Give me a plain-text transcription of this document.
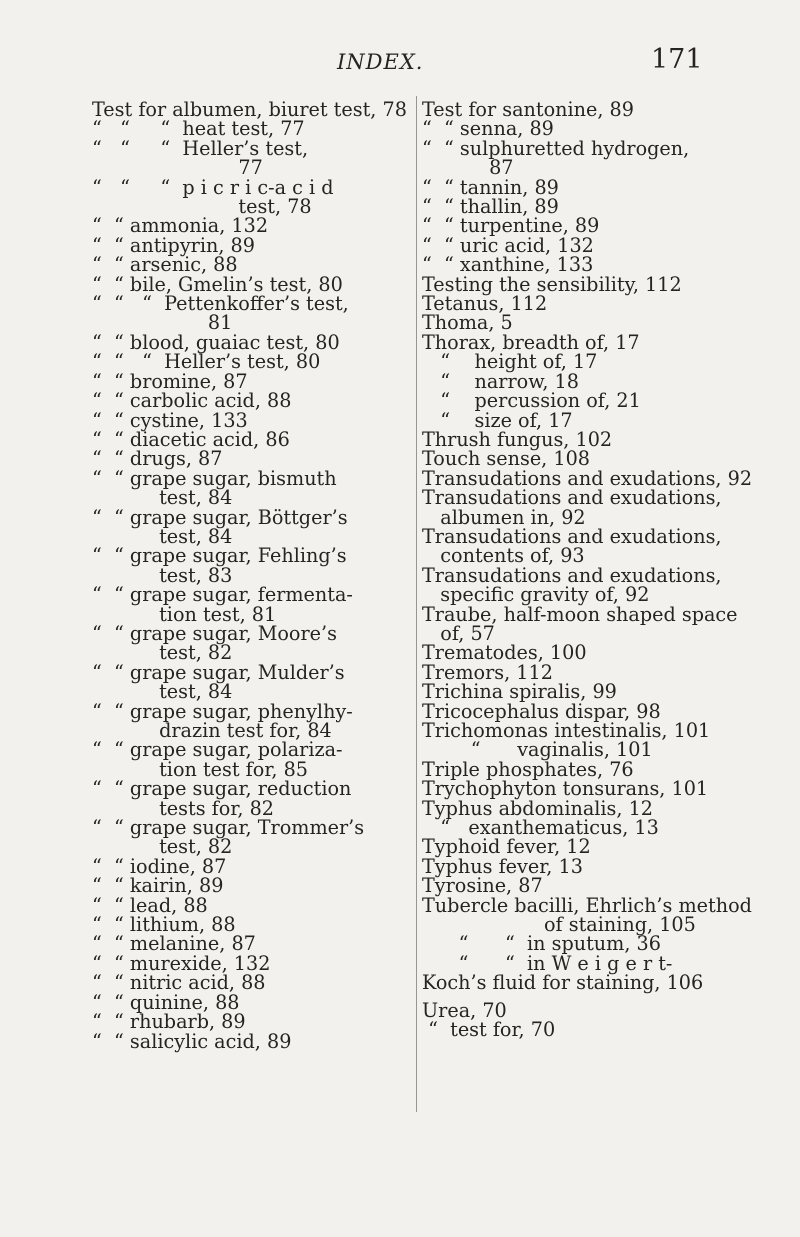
INDEX.	171
Test for albumen, biuret test, 78
“   “     “  heat test, 77
“   “     “  Heller’s test,
77
“   “     “  p i c r i c-a c i d
test, 78
“  “ ammonia, 132
“  “ antipyrin, 89
“  “ arsenic, 88
“  “ bile, Gmelin’s test, 80
“  “   “  Pettenkoffer’s test,
81
“  “ blood, guaiac test, 80
“  “   “  Heller’s test, 80
“  “ bromine, 87
“  “ carbolic acid, 88
“  “ cystine, 133
“  “ diacetic acid, 86
“  “ drugs, 87
“  “ grape sugar, bismuth
test, 84
“  “ grape sugar, Böttger’s
test, 84
“  “ grape sugar, Fehling’s
test, 83
“  “ grape sugar, fermenta-
tion test, 81
“  “ grape sugar, Moore’s
test, 82
“  “ grape sugar, Mulder’s
test, 84
“  “ grape sugar, phenylhy-
drazin test for, 84
“  “ grape sugar, polariza-
tion test for, 85
“  “ grape sugar, reduction
tests for, 82
“  “ grape sugar, Trommer’s
test, 82
“  “ iodine, 87
“  “ kairin, 89
“  “ lead, 88
“  “ lithium, 88
“  “ melanine, 87
“  “ murexide, 132
“  “ nitric acid, 88
“  “ quinine, 88
“  “ rhubarb, 89
“  “ salicylic acid, 89
Test for santonine, 89
“  “ senna, 89
“  “ sulphuretted hydrogen,
87
“  “ tannin, 89
“  “ thallin, 89
“  “ turpentine, 89
“  “ uric acid, 132
“  “ xanthine, 133
Testing the sensibility, 112
Tetanus, 112
Thoma, 5
Thorax, breadth of, 17
“    height of, 17
“    narrow, 18
“    percussion of, 21
“    size of, 17
Thrush fungus, 102
Touch sense, 108
Transudations and exudations, 92
Transudations and exudations,
albumen in, 92
Transudations and exudations,
contents of, 93
Transudations and exudations,
specific gravity of, 92
Traube, half-moon shaped space
of, 57
Trematodes, 100
Tremors, 112
Trichina spiralis, 99
Tricocephalus dispar, 98
Trichomonas intestinalis, 101
“      vaginalis, 101
Triple phosphates, 76
Trychophyton tonsurans, 101
Typhus abdominalis, 12
“   exanthematicus, 13
Typhoid fever, 12
Typhus fever, 13
Tyrosine, 87
Tubercle bacilli, Ehrlich’s method
of staining, 105
“      “  in sputum, 36
“      “  in W e i g e r t-
Koch’s fluid for staining, 106
Urea, 70
“  test for, 70
